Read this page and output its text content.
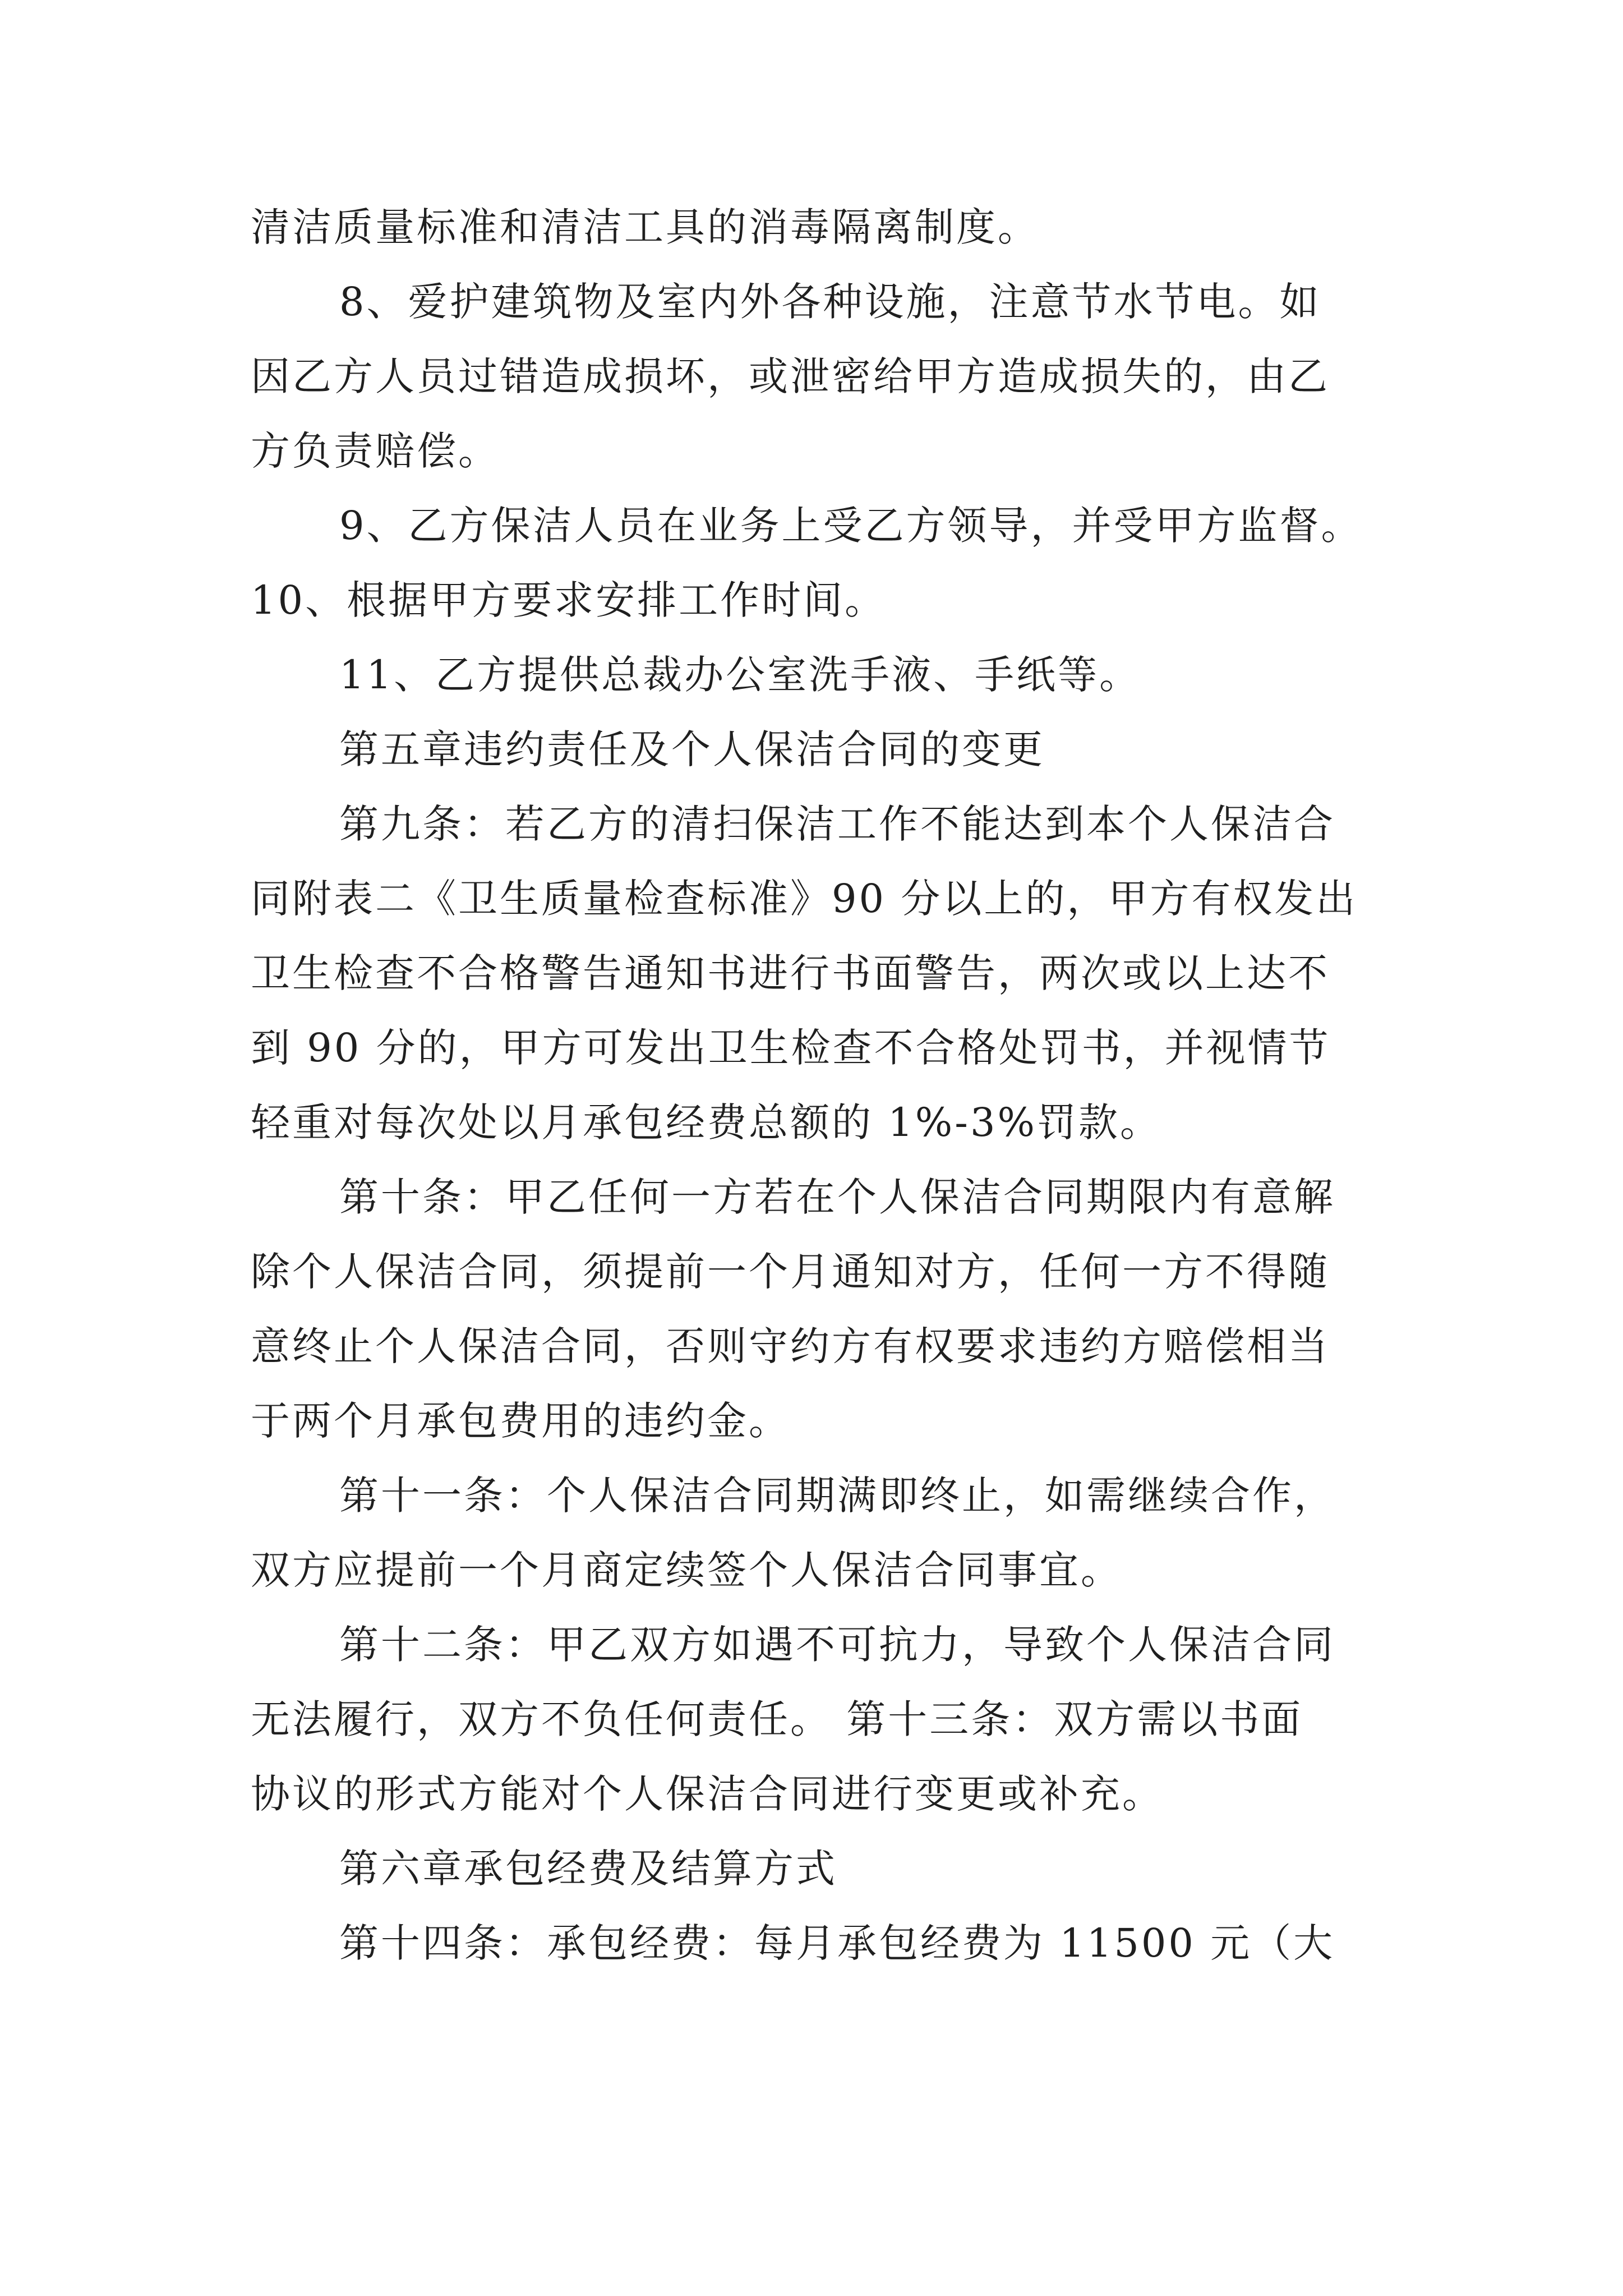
清洁质量标准和清洁工具的消毒隔离制度。

8、爱护建筑物及室内外各种设施，注意节水节电。如

因乙方人员过错造成损坏，或泄密给甲方造成损失的，由乙

方负责赔偿。

9、乙方保洁人员在业务上受乙方领导，并受甲方监督。

10、根据甲方要求安排工作时间。

11、乙方提供总裁办公室洗手液、手纸等。

第五章违约责任及个人保洁合同的变更

第九条：若乙方的清扫保洁工作不能达到本个人保洁合

同附表二《卫生质量检查标准》90 分以上的，甲方有权发出

卫生检查不合格警告通知书进行书面警告，两次或以上达不

到 90 分的，甲方可发出卫生检查不合格处罚书，并视情节

轻重对每次处以月承包经费总额的 1%-3%罚款。

第十条：甲乙任何一方若在个人保洁合同期限内有意解

除个人保洁合同，须提前一个月通知对方，任何一方不得随

意终止个人保洁合同，否则守约方有权要求违约方赔偿相当

于两个月承包费用的违约金。

第十一条：个人保洁合同期满即终止，如需继续合作，

双方应提前一个月商定续签个人保洁合同事宜。

第十二条：甲乙双方如遇不可抗力，导致个人保洁合同

无法履行，双方不负任何责任。 第十三条：双方需以书面

协议的形式方能对个人保洁合同进行变更或补充。

第六章承包经费及结算方式

第十四条：承包经费：每月承包经费为 11500 元（大
